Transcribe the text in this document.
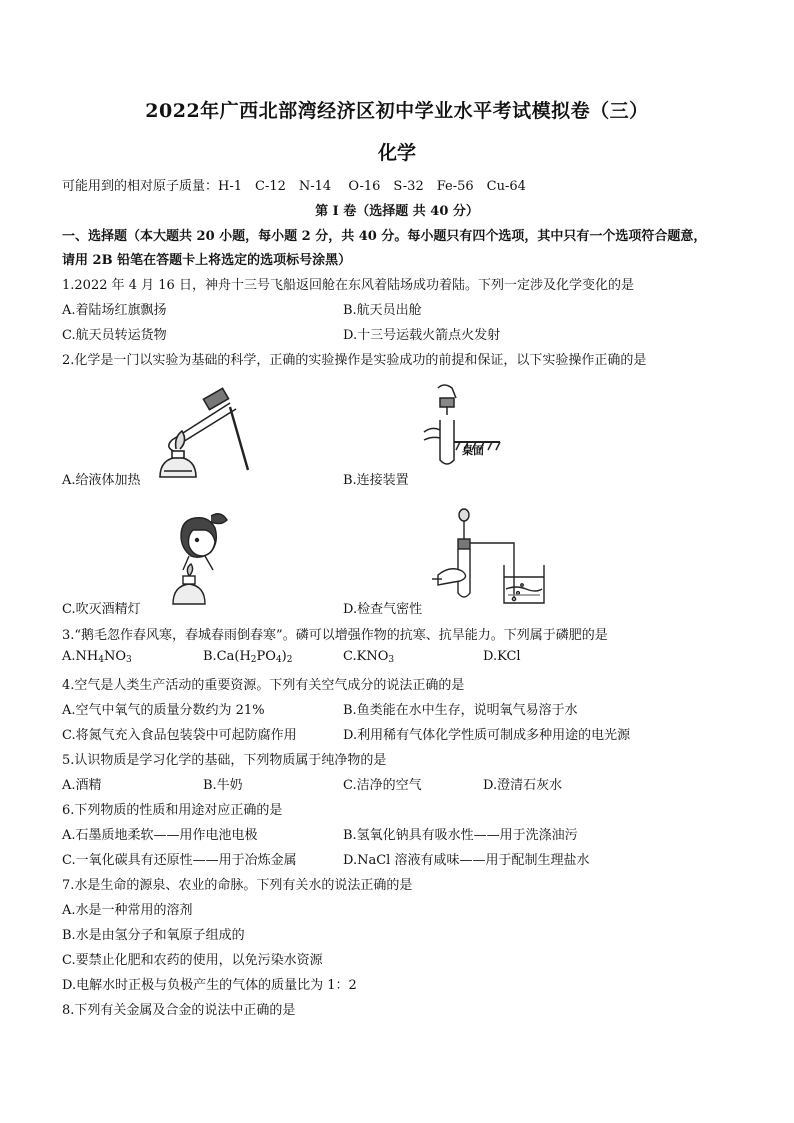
2022年广西北部湾经济区初中学业水平考试模拟卷（三）
化学
可能用到的相对原子质量：H-1　C-12　N-14　 O-16　S-32　Fe-56　Cu-64
第 I 卷（选择题 共 40 分）
一、选择题（本大题共 20 小题，每小题 2 分，共 40 分。每小题只有四个选项，其中只有一个选项符合题意，
请用 2B 铅笔在答题卡上将选定的选项标号涂黑）
1.2022 年 4 月 16 日，神舟十三号飞船返回舱在东风着陆场成功着陆。下列一定涉及化学变化的是
A.着陆场红旗飘扬	B.航天员出舱
C.航天员转运货物	D.十三号运载火箭点火发射
2.化学是一门以实验为基础的科学，正确的实验操作是实验成功的前提和保证，以下实验操作正确的是
A.给液体加热
桌面
B.连接装置
C.吹灭酒精灯	D.检查气密性
3.“鹅毛忽作春风寒，春城春雨倒春寒”。磷可以增强作物的抗寒、抗旱能力。下列属于磷肥的是
$A.NH_4NO_3$	$B.Ca(H_2PO_4)_2$	$C.KNO_3$	D.KCl
4.空气是人类生产活动的重要资源。下列有关空气成分的说法正确的是
A.空气中氧气的质量分数约为 21%	B.鱼类能在水中生存，说明氧气易溶于水
C.将氮气充入食品包装袋中可起防腐作用	D.利用稀有气体化学性质可制成多种用途的电光源
5.认识物质是学习化学的基础，下列物质属于纯净物的是
A.酒精	B.牛奶	C.洁净的空气	D.澄清石灰水
6.下列物质的性质和用途对应正确的是
A.石墨质地柔软——用作电池电极	B.氢氧化钠具有吸水性——用于洗涤油污
C.一氧化碳具有还原性——用于冶炼金属	D.NaCl 溶液有咸味——用于配制生理盐水
7.水是生命的源泉、农业的命脉。下列有关水的说法正确的是
A.水是一种常用的溶剂
B.水是由氢分子和氧原子组成的
C.要禁止化肥和农药的使用，以免污染水资源
D.电解水时正极与负极产生的气体的质量比为 1：2
8.下列有关金属及合金的说法中正确的是
